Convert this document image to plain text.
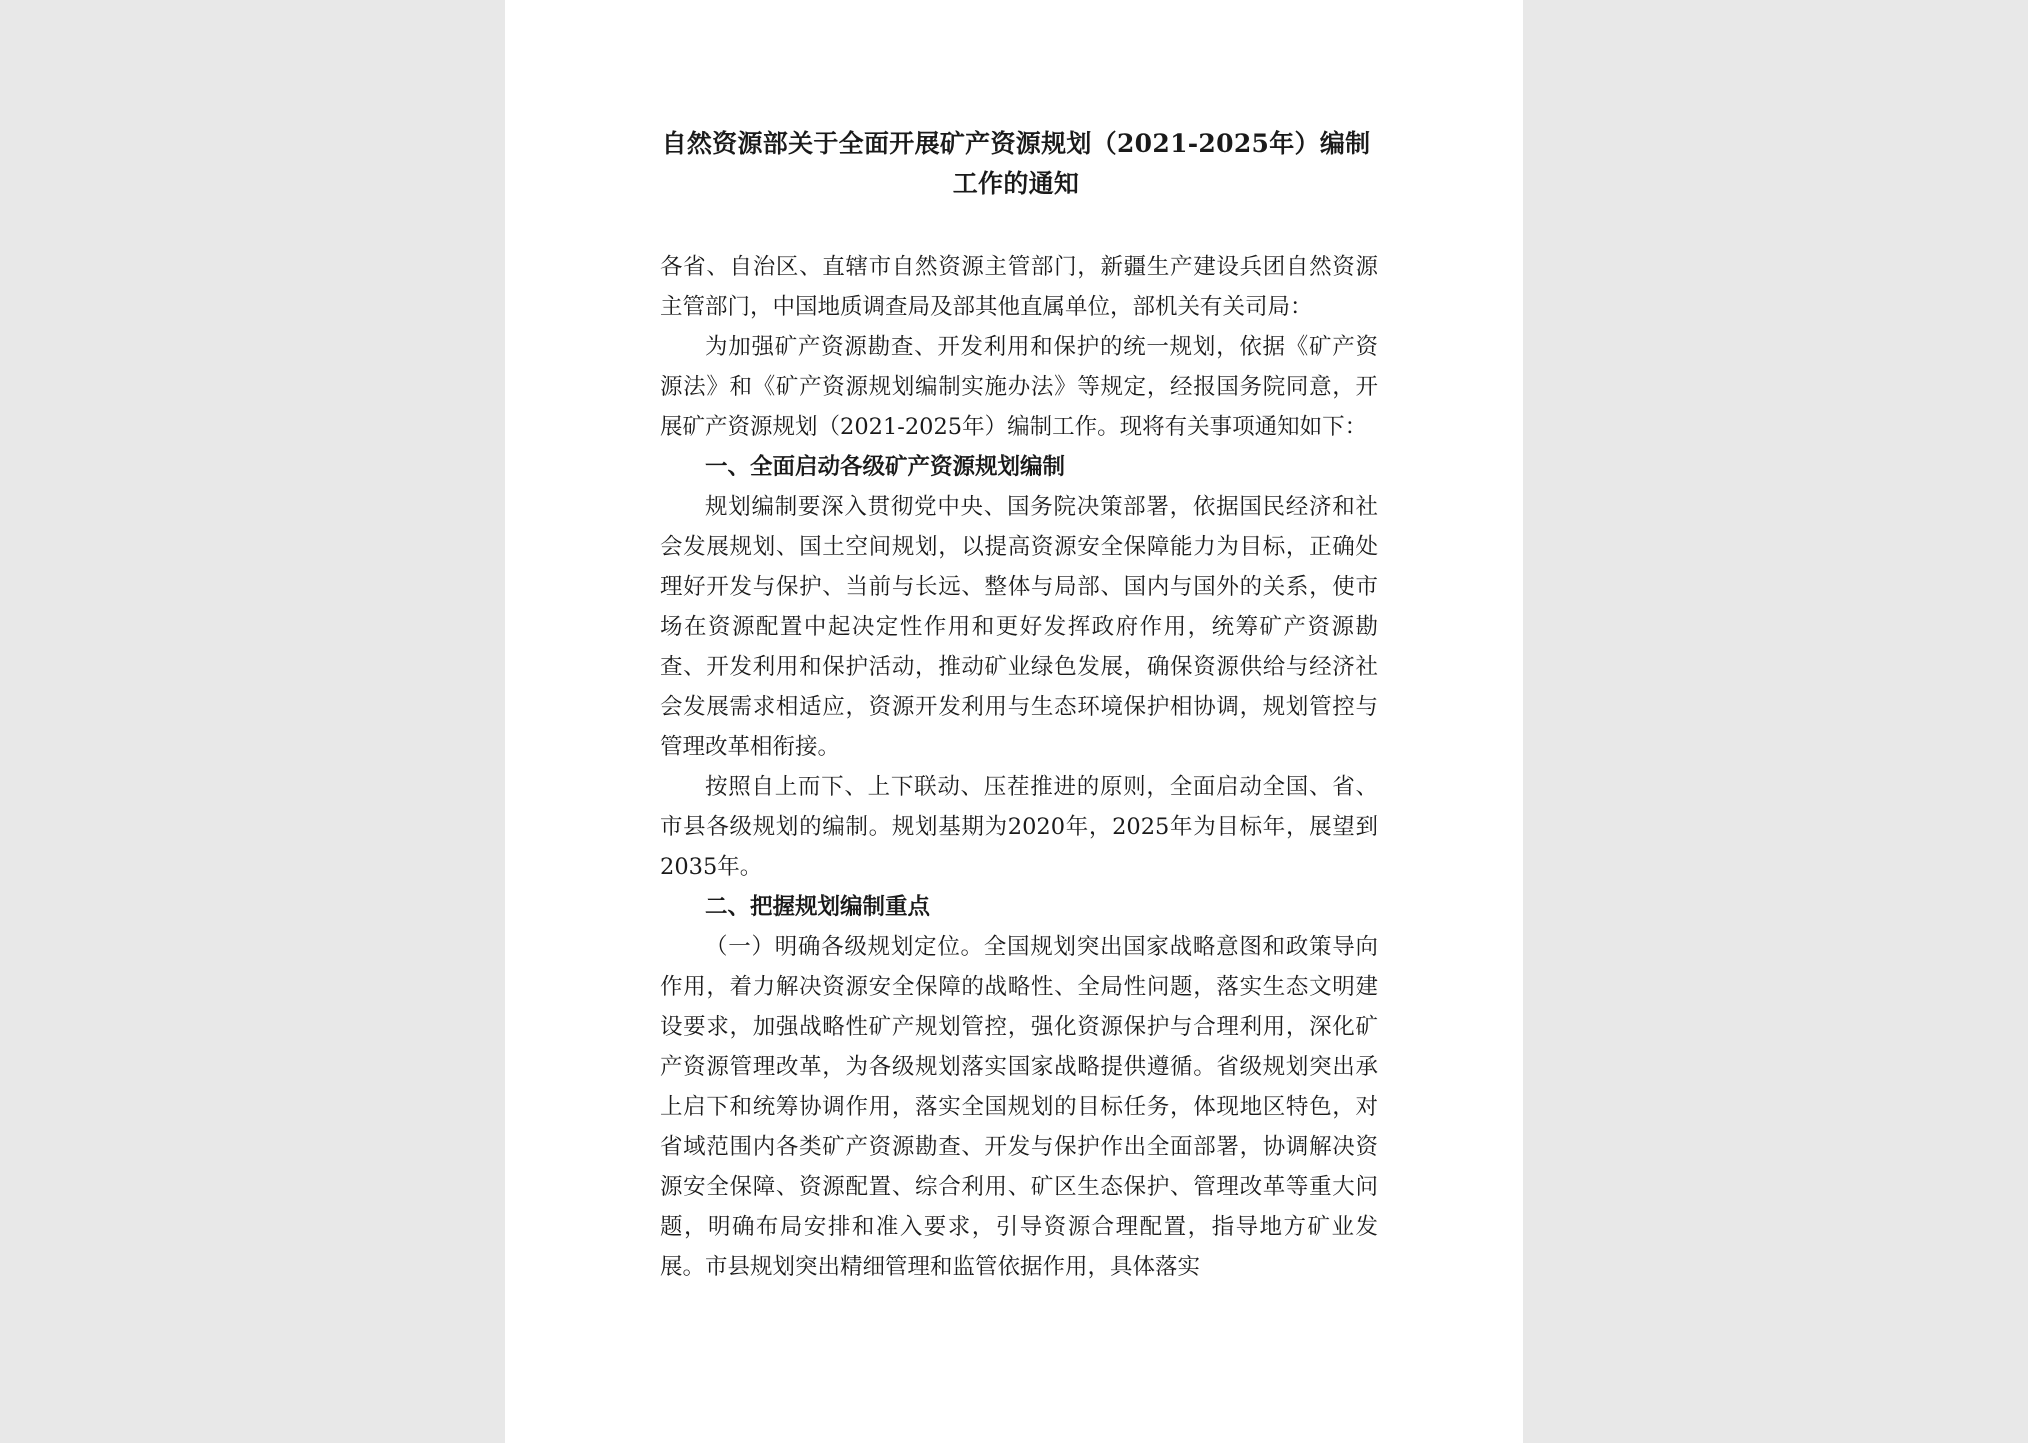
自然资源部关于全面开展矿产资源规划（2021-2025年）编制工作的通知

各省、自治区、直辖市自然资源主管部门，新疆生产建设兵团自然资源主管部门，中国地质调查局及部其他直属单位，部机关有关司局：

为加强矿产资源勘查、开发利用和保护的统一规划，依据《矿产资源法》和《矿产资源规划编制实施办法》等规定，经报国务院同意，开展矿产资源规划（2021-2025年）编制工作。现将有关事项通知如下：

一、全面启动各级矿产资源规划编制

规划编制要深入贯彻党中央、国务院决策部署，依据国民经济和社会发展规划、国土空间规划，以提高资源安全保障能力为目标，正确处理好开发与保护、当前与长远、整体与局部、国内与国外的关系，使市场在资源配置中起决定性作用和更好发挥政府作用，统筹矿产资源勘查、开发利用和保护活动，推动矿业绿色发展，确保资源供给与经济社会发展需求相适应，资源开发利用与生态环境保护相协调，规划管控与管理改革相衔接。

按照自上而下、上下联动、压茬推进的原则，全面启动全国、省、市县各级规划的编制。规划基期为2020年，2025年为目标年，展望到2035年。

二、把握规划编制重点

（一）明确各级规划定位。全国规划突出国家战略意图和政策导向作用，着力解决资源安全保障的战略性、全局性问题，落实生态文明建设要求，加强战略性矿产规划管控，强化资源保护与合理利用，深化矿产资源管理改革，为各级规划落实国家战略提供遵循。省级规划突出承上启下和统筹协调作用，落实全国规划的目标任务，体现地区特色，对省域范围内各类矿产资源勘查、开发与保护作出全面部署，协调解决资源安全保障、资源配置、综合利用、矿区生态保护、管理改革等重大问题，明确布局安排和准入要求，引导资源合理配置，指导地方矿业发展。市县规划突出精细管理和监管依据作用，具体落实
